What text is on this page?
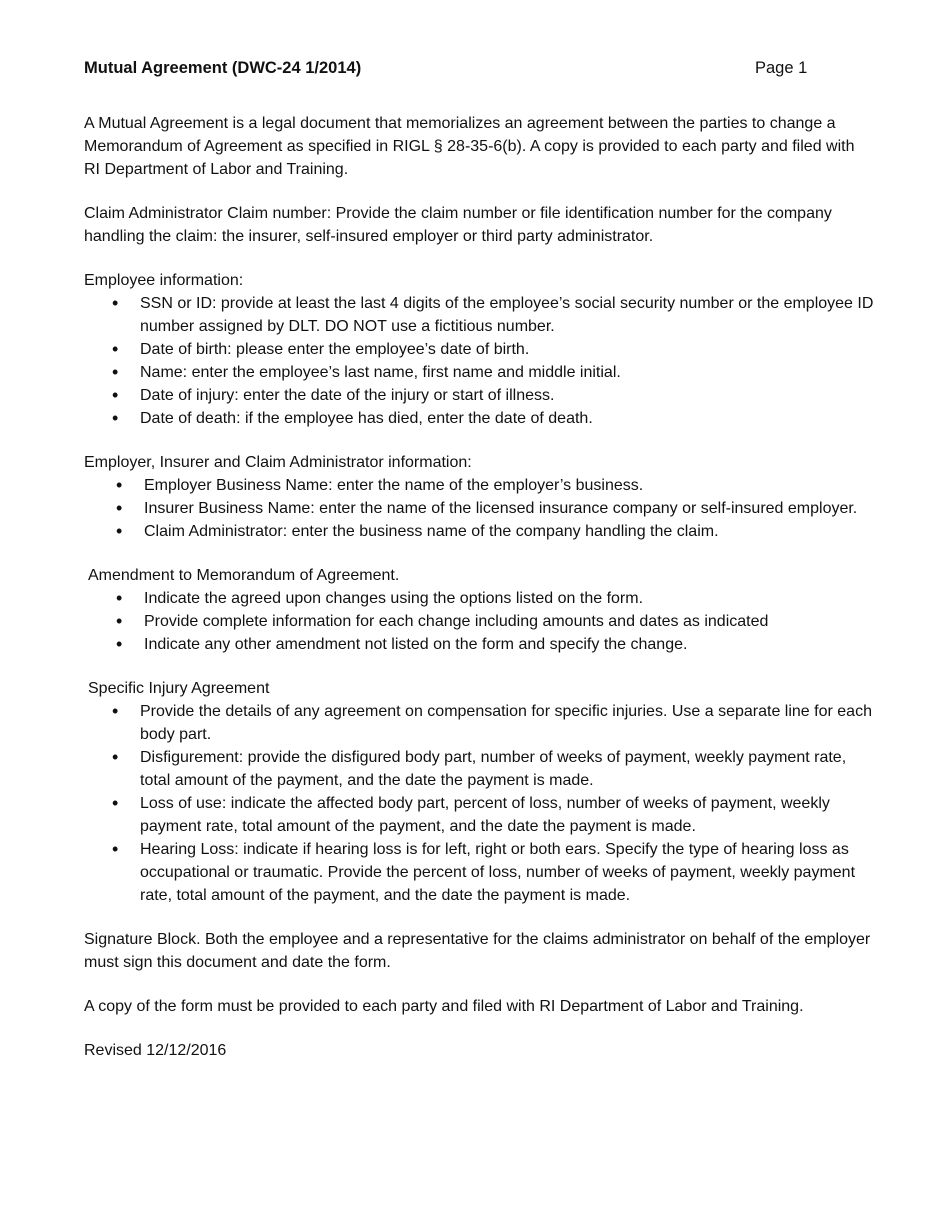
Mutual Agreement (DWC-24 1/2014)	Page 1

A Mutual Agreement is a legal document that memorializes an agreement between the parties to change a Memorandum of Agreement as specified in RIGL § 28-35-6(b). A copy is provided to each party and filed with RI Department of Labor and Training.

Claim Administrator Claim number: Provide the claim number or file identification number for the company handling the claim: the insurer, self-insured employer or third party administrator.

Employee information:

• SSN or ID: provide at least the last 4 digits of the employee’s social security number or the employee ID number assigned by DLT. DO NOT use a fictitious number.
• Date of birth: please enter the employee’s date of birth.
• Name: enter the employee’s last name, first name and middle initial.
• Date of injury: enter the date of the injury or start of illness.
• Date of death: if the employee has died, enter the date of death.

Employer, Insurer and Claim Administrator information:

• Employer Business Name: enter the name of the employer’s business.
• Insurer Business Name: enter the name of the licensed insurance company or self-insured employer.
• Claim Administrator: enter the business name of the company handling the claim.

Amendment to Memorandum of Agreement.

• Indicate the agreed upon changes using the options listed on the form.
• Provide complete information for each change including amounts and dates as indicated
• Indicate any other amendment not listed on the form and specify the change.

Specific Injury Agreement

• Provide the details of any agreement on compensation for specific injuries. Use a separate line for each body part.
• Disfigurement: provide the disfigured body part, number of weeks of payment, weekly payment rate, total amount of the payment, and the date the payment is made.
• Loss of use: indicate the affected body part, percent of loss, number of weeks of payment, weekly payment rate, total amount of the payment, and the date the payment is made.
• Hearing Loss: indicate if hearing loss is for left, right or both ears. Specify the type of hearing loss as occupational or traumatic. Provide the percent of loss, number of weeks of payment, weekly payment rate, total amount of the payment, and the date the payment is made.

Signature Block. Both the employee and a representative for the claims administrator on behalf of the employer must sign this document and date the form.

A copy of the form must be provided to each party and filed with RI Department of Labor and Training.

Revised 12/12/2016
